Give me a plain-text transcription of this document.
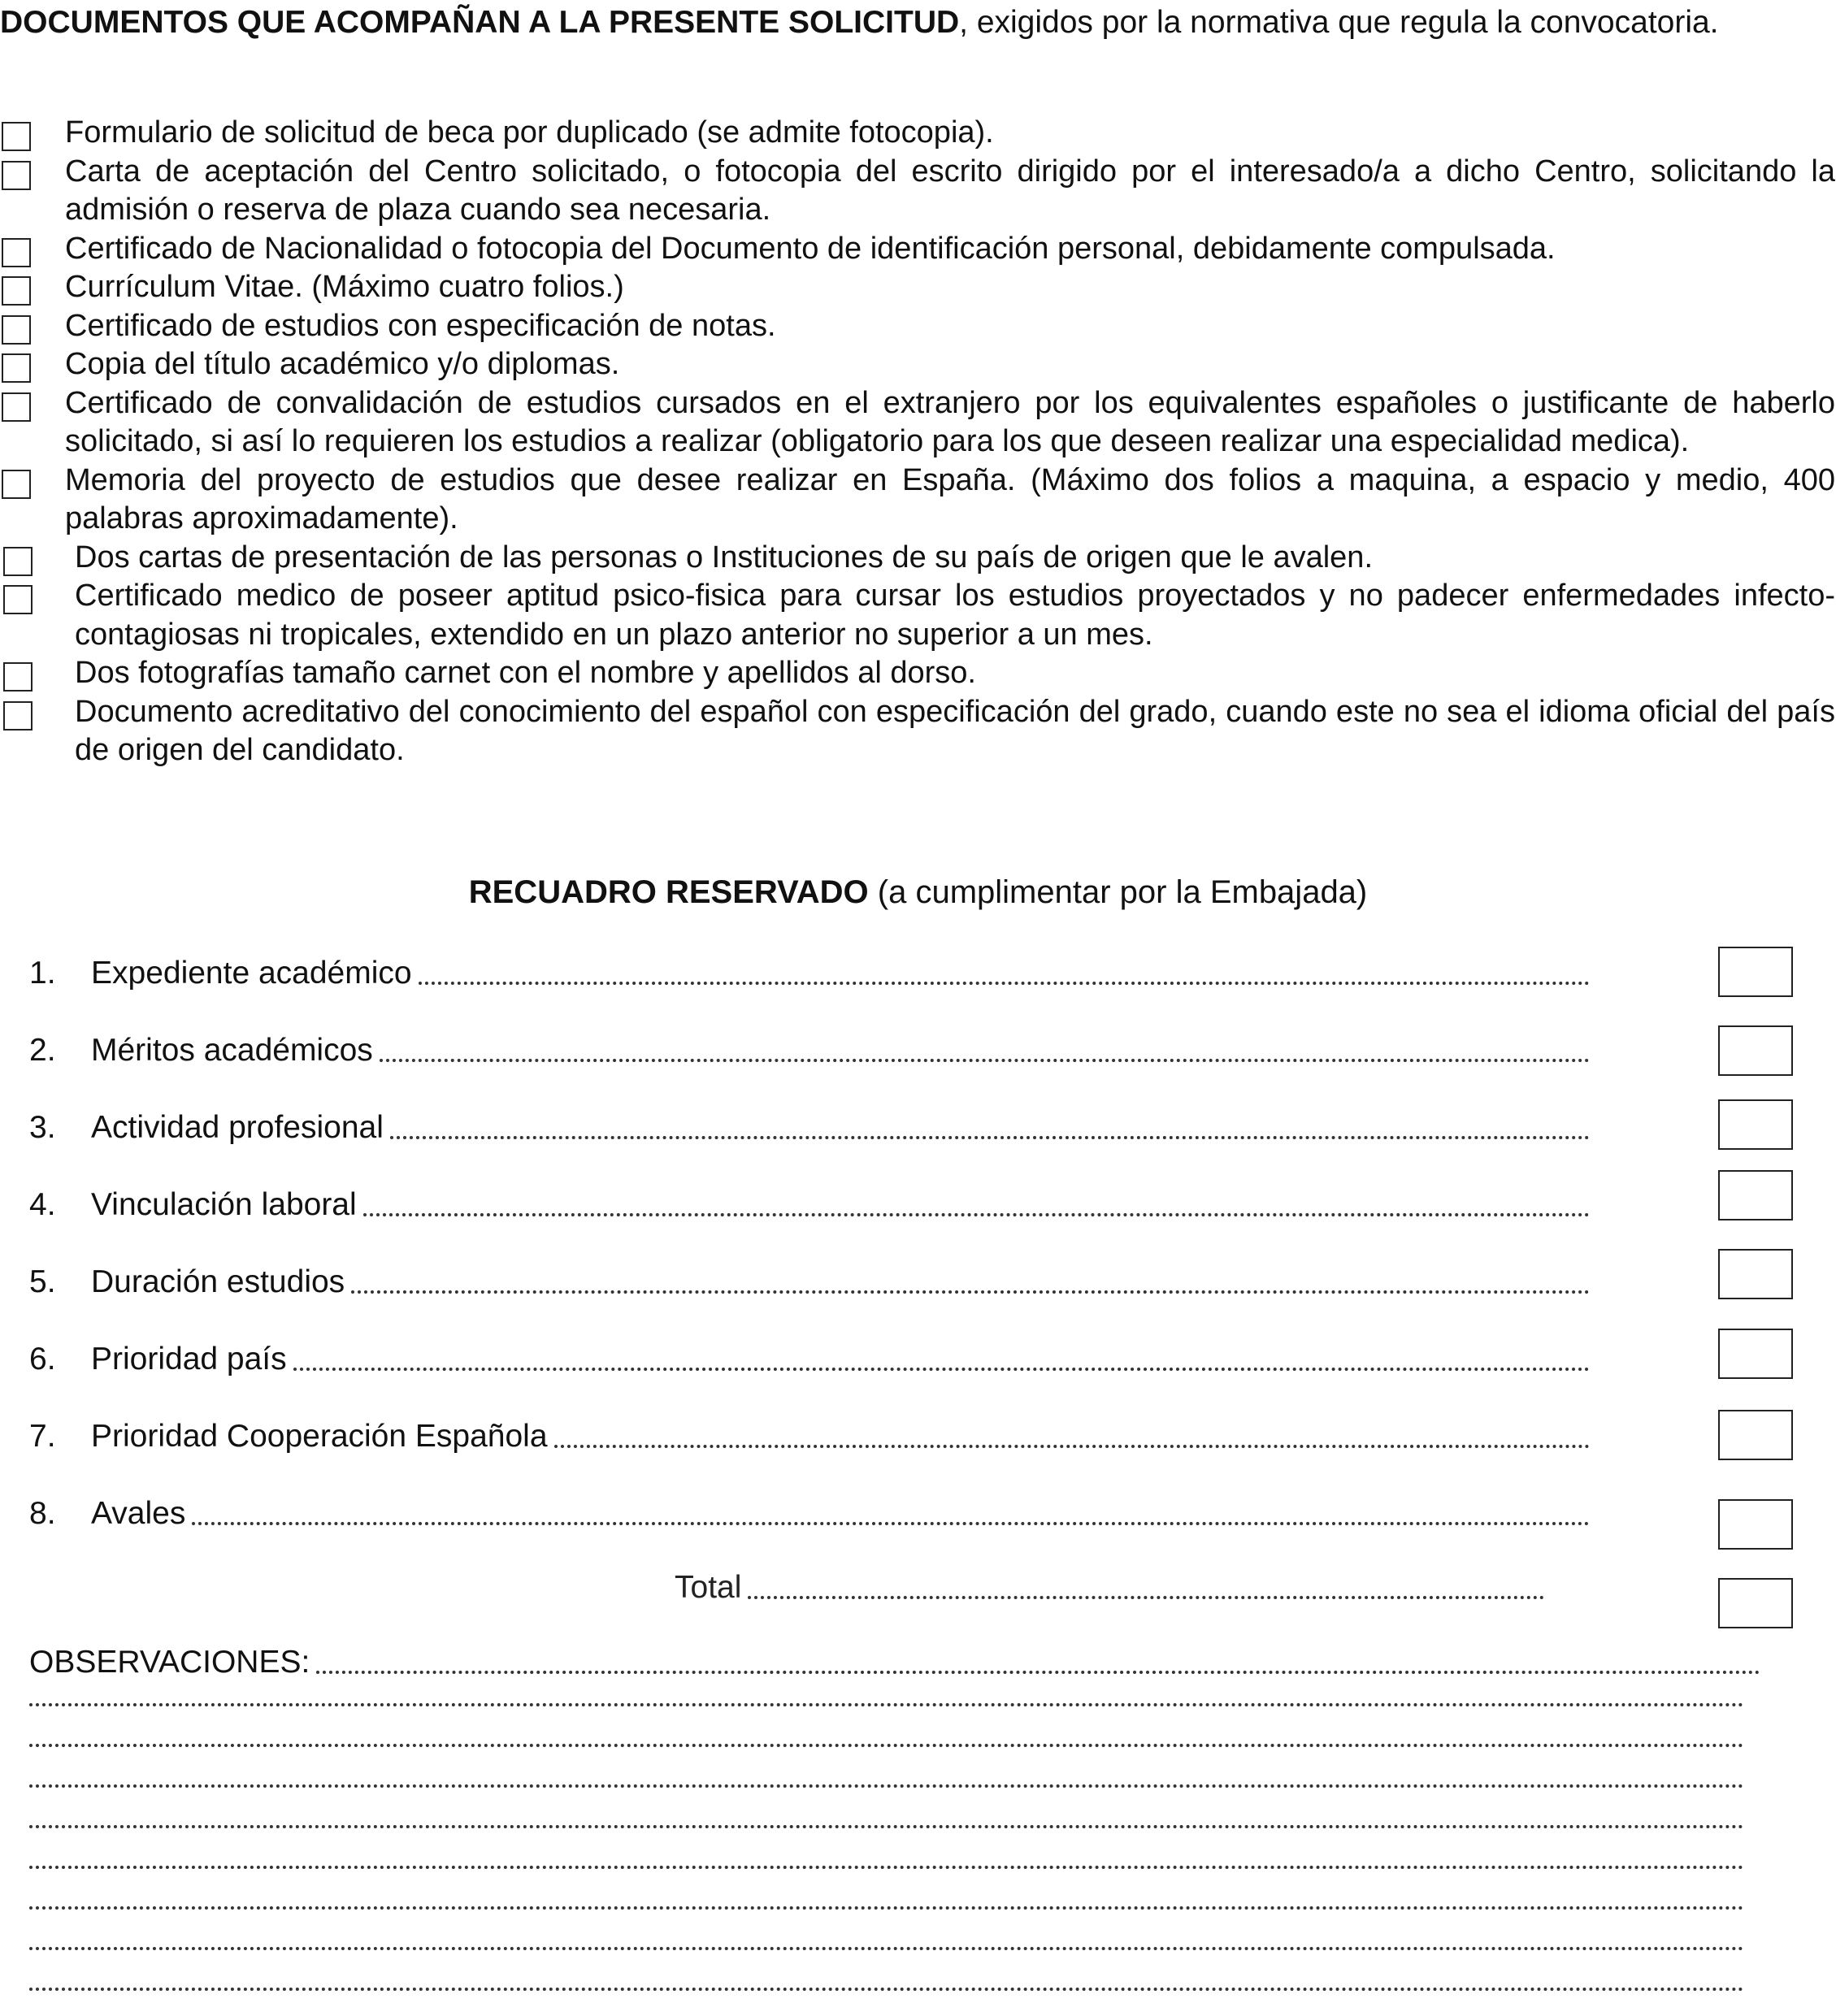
DOCUMENTOS QUE ACOMPAÑAN A LA PRESENTE SOLICITUD, exigidos por la normativa que regula la convocatoria.
Formulario de solicitud de beca por duplicado (se admite fotocopia).
Carta de aceptación del Centro solicitado, o fotocopia del escrito dirigido por el interesado/a a dicho Centro, solicitando la admisión o reserva de plaza cuando sea necesaria.
Certificado de Nacionalidad o fotocopia del Documento de identificación personal, debidamente compulsada.
Currículum Vitae. (Máximo cuatro folios.)
Certificado de estudios con especificación de notas.
Copia del título académico y/o diplomas.
Certificado de convalidación de estudios cursados en el extranjero por los equivalentes españoles o justificante de haberlo solicitado, si así lo requieren los estudios a realizar (obligatorio para los que deseen realizar una especialidad medica).
Memoria del proyecto de estudios que desee realizar en España. (Máximo dos folios a maquina, a espacio y medio, 400 palabras aproximadamente).
Dos cartas de presentación de las personas o Instituciones de su país de origen que le avalen.
Certificado medico de poseer aptitud psico-fisica para cursar los estudios proyectados y no padecer enfermedades infecto-contagiosas ni tropicales, extendido en un plazo anterior no superior a un mes.
Dos fotografías tamaño carnet con el nombre y apellidos al dorso.
Documento acreditativo del conocimiento del español con especificación del grado, cuando este no sea el idioma oficial del país de origen del candidato.
RECUADRO RESERVADO (a cumplimentar por la Embajada)
1.	Expediente académico
2.	Méritos académicos
3.	Actividad profesional
4.	Vinculación laboral
5.	Duración estudios
6.	Prioridad país
7.	Prioridad Cooperación Española
8.	Avales
Total
OBSERVACIONES:
